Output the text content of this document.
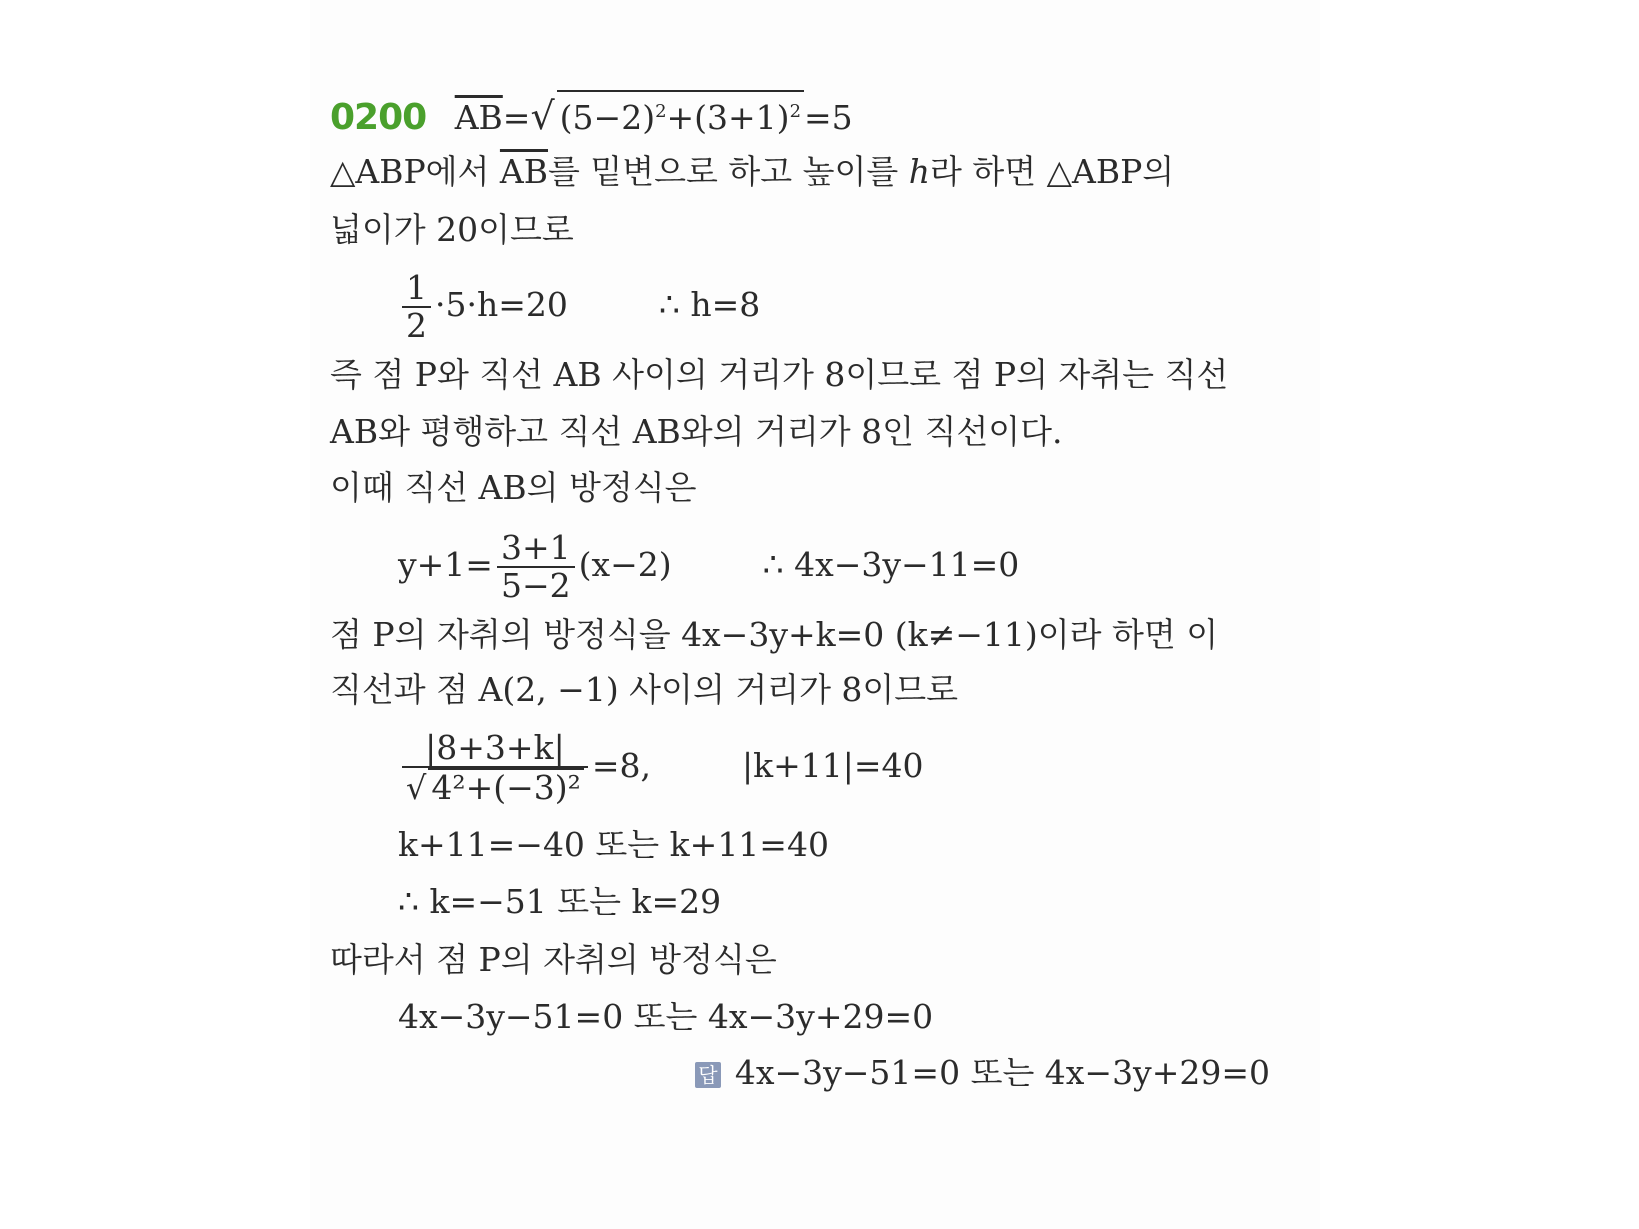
0200 $\overline{AB}=√$ $(5-2)^2+(3+1)^2=5$
△ABP에서 $\overline{AB}$를 밑변으로 하고 높이를 h라 하면 △ABP의
넓이가 20이므로
$\frac{1}{2} \cdot 5\cdot h=20$	∴ h=8
즉 점 P와 직선 AB 사이의 거리가 8이므로 점 P의 자취는 직선
AB와 평행하고 직선 AB와의 거리가 8인 직선이다.
이때 직선 AB의 방정식은
$y+1= \frac{3+1}{5-2} (x-2)$	∴ 4x−3y−11=0
점 P의 자취의 방정식을 4x−3y+k=0 (k≠−11)이라 하면 이
직선과 점 A(2, −1) 사이의 거리가 8이므로
$\frac{|8+3+k|}{\text{√ 4²+(−3)²}} =8$,	|k+11|=40
k+11=−40 또는 k+11=40
∴ k=−51 또는 k=29
따라서 점 P의 자취의 방정식은
4x−3y−51=0 또는 4x−3y+29=0
답 4x−3y−51=0 또는 4x−3y+29=0
